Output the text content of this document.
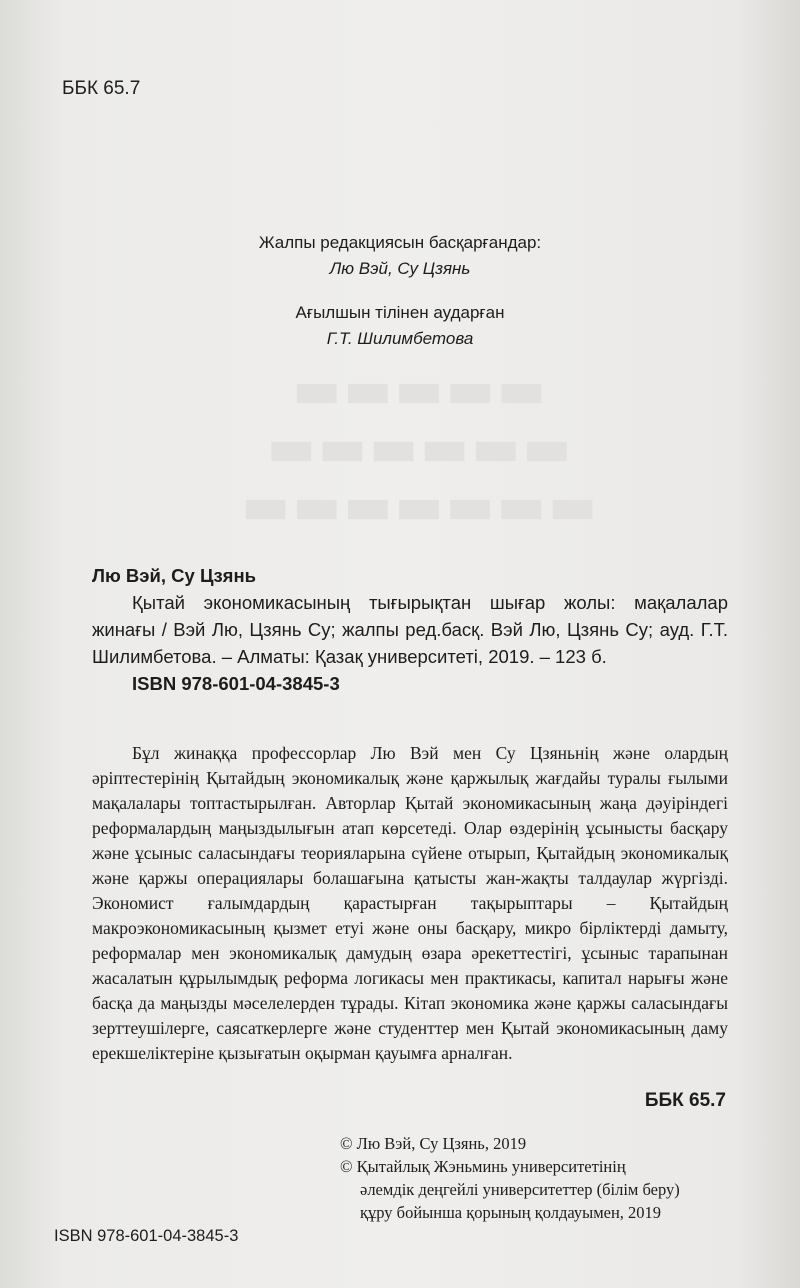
ББК 65.7
Жалпы редакциясын басқарғандар:
Лю Вэй, Су Цзянь
Ағылшын тілінен аударған
Г.Т. Шилимбетова
▬▬▬▬▬▬▬
▬▬▬▬▬▬
▬▬▬▬▬
Лю Вэй, Су Цзянь
Қытай экономикасының тығырықтан шығар жолы: мақалалар жинағы / Вэй Лю, Цзянь Су; жалпы ред.басқ. Вэй Лю, Цзянь Су; ауд. Г.Т. Шилимбетова. – Алматы: Қазақ университеті, 2019. – 123 б.
ISBN 978-601-04-3845-3
Бұл жинаққа профессорлар Лю Вэй мен Су Цзяньнің және олардың әріптестерінің Қытайдың экономикалық және қаржылық жағдайы туралы ғылыми мақалалары топтастырылған. Авторлар Қытай экономикасының жаңа дәуіріндегі реформалардың маңыздылығын атап көрсетеді. Олар өздерінің ұсынысты басқару және ұсыныс саласындағы теорияларына сүйене отырып, Қытайдың экономикалық және қаржы операциялары болашағына қатысты жан-жақты талдаулар жүргізді. Экономист ғалымдардың қарастырған тақырыптары – Қытайдың макроэкономикасының қызмет етуі және оны басқару, микро бірліктерді дамыту, реформалар мен экономикалық дамудың өзара әрекеттестігі, ұсыныс тарапынан жасалатын құрылымдық реформа логикасы мен практикасы, капитал нарығы және басқа да маңызды мәселелерден тұрады. Кітап экономика және қаржы саласындағы зерттеушілерге, саясаткерлерге және студенттер мен Қытай экономикасының даму ерекшеліктеріне қызығатын оқырман қауымға арналған.
ББК 65.7
© Лю Вэй, Су Цзянь, 2019
© Қытайлық Жэньминь университетінің
әлемдік деңгейлі университеттер (білім беру)
құру бойынша қорының қолдауымен, 2019
ISBN 978-601-04-3845-3
